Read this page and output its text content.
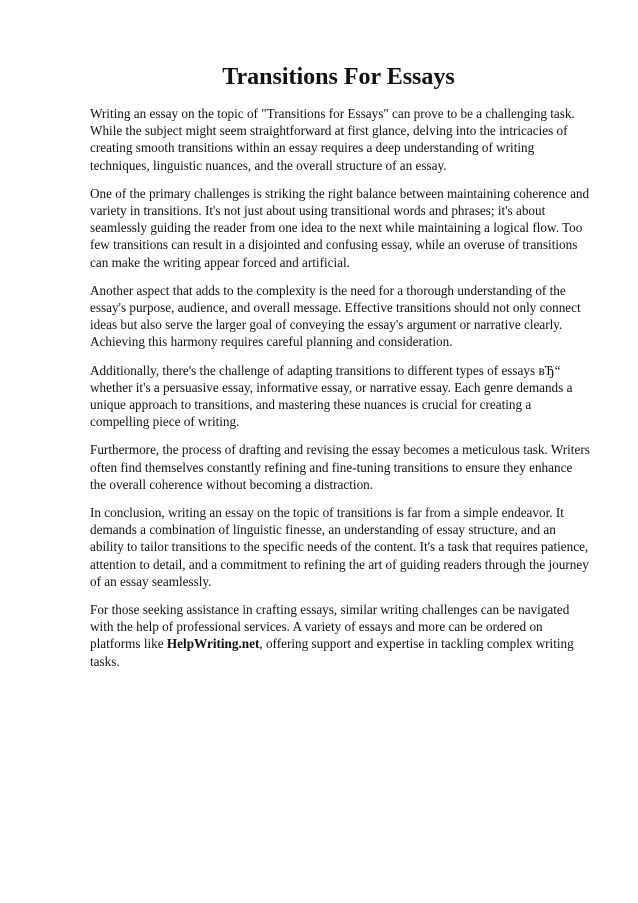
Transitions For Essays

Writing an essay on the topic of "Transitions for Essays" can prove to be a challenging task. While the subject might seem straightforward at first glance, delving into the intricacies of creating smooth transitions within an essay requires a deep understanding of writing techniques, linguistic nuances, and the overall structure of an essay.

One of the primary challenges is striking the right balance between maintaining coherence and variety in transitions. It's not just about using transitional words and phrases; it's about seamlessly guiding the reader from one idea to the next while maintaining a logical flow. Too few transitions can result in a disjointed and confusing essay, while an overuse of transitions can make the writing appear forced and artificial.

Another aspect that adds to the complexity is the need for a thorough understanding of the essay's purpose, audience, and overall message. Effective transitions should not only connect ideas but also serve the larger goal of conveying the essay's argument or narrative clearly. Achieving this harmony requires careful planning and consideration.

Additionally, there's the challenge of adapting transitions to different types of essays вЂ“ whether it's a persuasive essay, informative essay, or narrative essay. Each genre demands a unique approach to transitions, and mastering these nuances is crucial for creating a compelling piece of writing.

Furthermore, the process of drafting and revising the essay becomes a meticulous task. Writers often find themselves constantly refining and fine-tuning transitions to ensure they enhance the overall coherence without becoming a distraction.

In conclusion, writing an essay on the topic of transitions is far from a simple endeavor. It demands a combination of linguistic finesse, an understanding of essay structure, and an ability to tailor transitions to the specific needs of the content. It's a task that requires patience, attention to detail, and a commitment to refining the art of guiding readers through the journey of an essay seamlessly.

For those seeking assistance in crafting essays, similar writing challenges can be navigated with the help of professional services. A variety of essays and more can be ordered on platforms like HelpWriting.net, offering support and expertise in tackling complex writing tasks.
